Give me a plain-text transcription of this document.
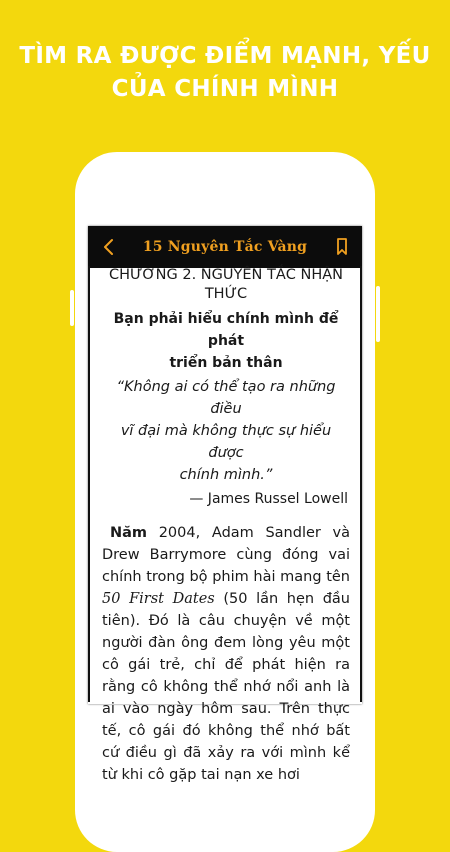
TÌM RA ĐƯỢC ĐIỂM MẠNH, YẾU
CỦA CHÍNH MÌNH
15 Nguyên Tắc Vàng
CHƯƠNG 2. NGUYÊN TẮC NHẬN
THỨC
Bạn phải hiểu chính mình để phát
triển bản thân
“Không ai có thể tạo ra những điều
vĩ đại mà không thực sự hiểu được
chính mình.”
— James Russel Lowell
Năm 2004, Adam Sandler và Drew Barrymore cùng đóng vai chính trong bộ phim hài mang tên 50 First Dates (50 lần hẹn đầu tiên). Đó là câu chuyện về một người đàn ông đem lòng yêu một cô gái trẻ, chỉ để phát hiện ra rằng cô không thể nhớ nổi anh là ai vào ngày hôm sau. Trên thực tế, cô gái đó không thể nhớ bất cứ điều gì đã xảy ra với mình kể từ khi cô gặp tai nạn xe hơi
